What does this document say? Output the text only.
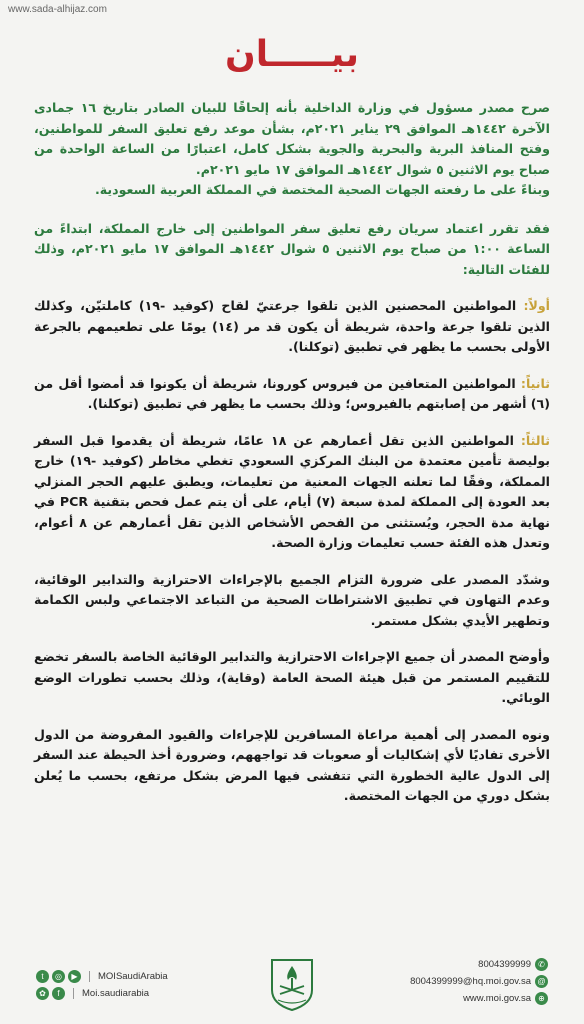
www.sada-alhijaz.com
بيـــــان

صرح مصدر مسؤول في وزارة الداخلية بأنه إلحاقًا للبيان الصادر بتاريخ ١٦ جمادى الآخرة ١٤٤٢هـ الموافق ٢٩ يناير ٢٠٢١م، بشأن موعد رفع تعليق السفر للمواطنين، وفتح المنافذ البرية والبحرية والجوية بشكل كامل، اعتبارًا من الساعة الواحدة من صباح يوم الاثنين ٥ شوال ١٤٤٢هـ الموافق ١٧ مايو ٢٠٢١م.

وبناءً على ما رفعته الجهات الصحية المختصة في المملكة العربية السعودية.

فقد تقرر اعتماد سريان رفع تعليق سفر المواطنين إلى خارج المملكة، ابتداءً من الساعة ١:٠٠ من صباح يوم الاثنين ٥ شوال ١٤٤٢هـ الموافق ١٧ مايو ٢٠٢١م، وذلك للفئات التالية:

أولاً: المواطنين المحصنين الذين تلقوا جرعتيّ لقاح (كوفيد -١٩) كاملتيّن، وكذلك الذين تلقوا جرعة واحدة، شريطة أن يكون قد مر (١٤) يومًا على تطعيمهم بالجرعة الأولى بحسب ما يظهر في تطبيق (توكلنا).

ثانياً: المواطنين المتعافين من فيروس كورونا، شريطة أن يكونوا قد أمضوا أقل من (٦) أشهر من إصابتهم بالفيروس؛ وذلك بحسب ما يظهر في تطبيق (توكلنا).

ثالثاً: المواطنين الذين تقل أعمارهم عن ١٨ عامًا، شريطة أن يقدموا قبل السفر بوليصة تأمين معتمدة من البنك المركزي السعودي تغطي مخاطر (كوفيد -١٩) خارج المملكة، وفقًا لما تعلنه الجهات المعنية من تعليمات، ويطبق عليهم الحجر المنزلي بعد العودة إلى المملكة لمدة سبعة (٧) أيام، على أن يتم عمل فحص بتقنية PCR في نهاية مدة الحجر، ويُستثنى من الفحص الأشخاص الذين تقل أعمارهم عن ٨ أعوام، وتعدل هذه الفئة حسب تعليمات وزارة الصحة.

وشدّد المصدر على ضرورة التزام الجميع بالإجراءات الاحترازية والتدابير الوقائية، وعدم التهاون في تطبيق الاشتراطات الصحية من التباعد الاجتماعي ولبس الكمامة وتطهير الأيدي بشكل مستمر.

وأوضح المصدر أن جميع الإجراءات الاحترازية والتدابير الوقائية الخاصة بالسفر تخضع للتقييم المستمر من قبل هيئة الصحة العامة (وقاية)، وذلك بحسب تطورات الوضع الوبائي.

ونوه المصدر إلى أهمية مراعاة المسافرين للإجراءات والقيود المفروضة من الدول الأخرى تفاديًا لأي إشكاليات أو صعوبات قد تواجههم، وضرورة أخذ الحيطة عند السفر إلى الدول عالية الخطورة التي تتفشى فيها المرض بشكل مرتفع، بحسب ما يُعلن بشكل دوري من الجهات المختصة.

t	◎	▶	MOISaudiArabia
✿	f	Moi.saudiarabia
8004399999 ✆
8004399999@hq.moi.gov.sa @
www.moi.gov.sa ⊕
